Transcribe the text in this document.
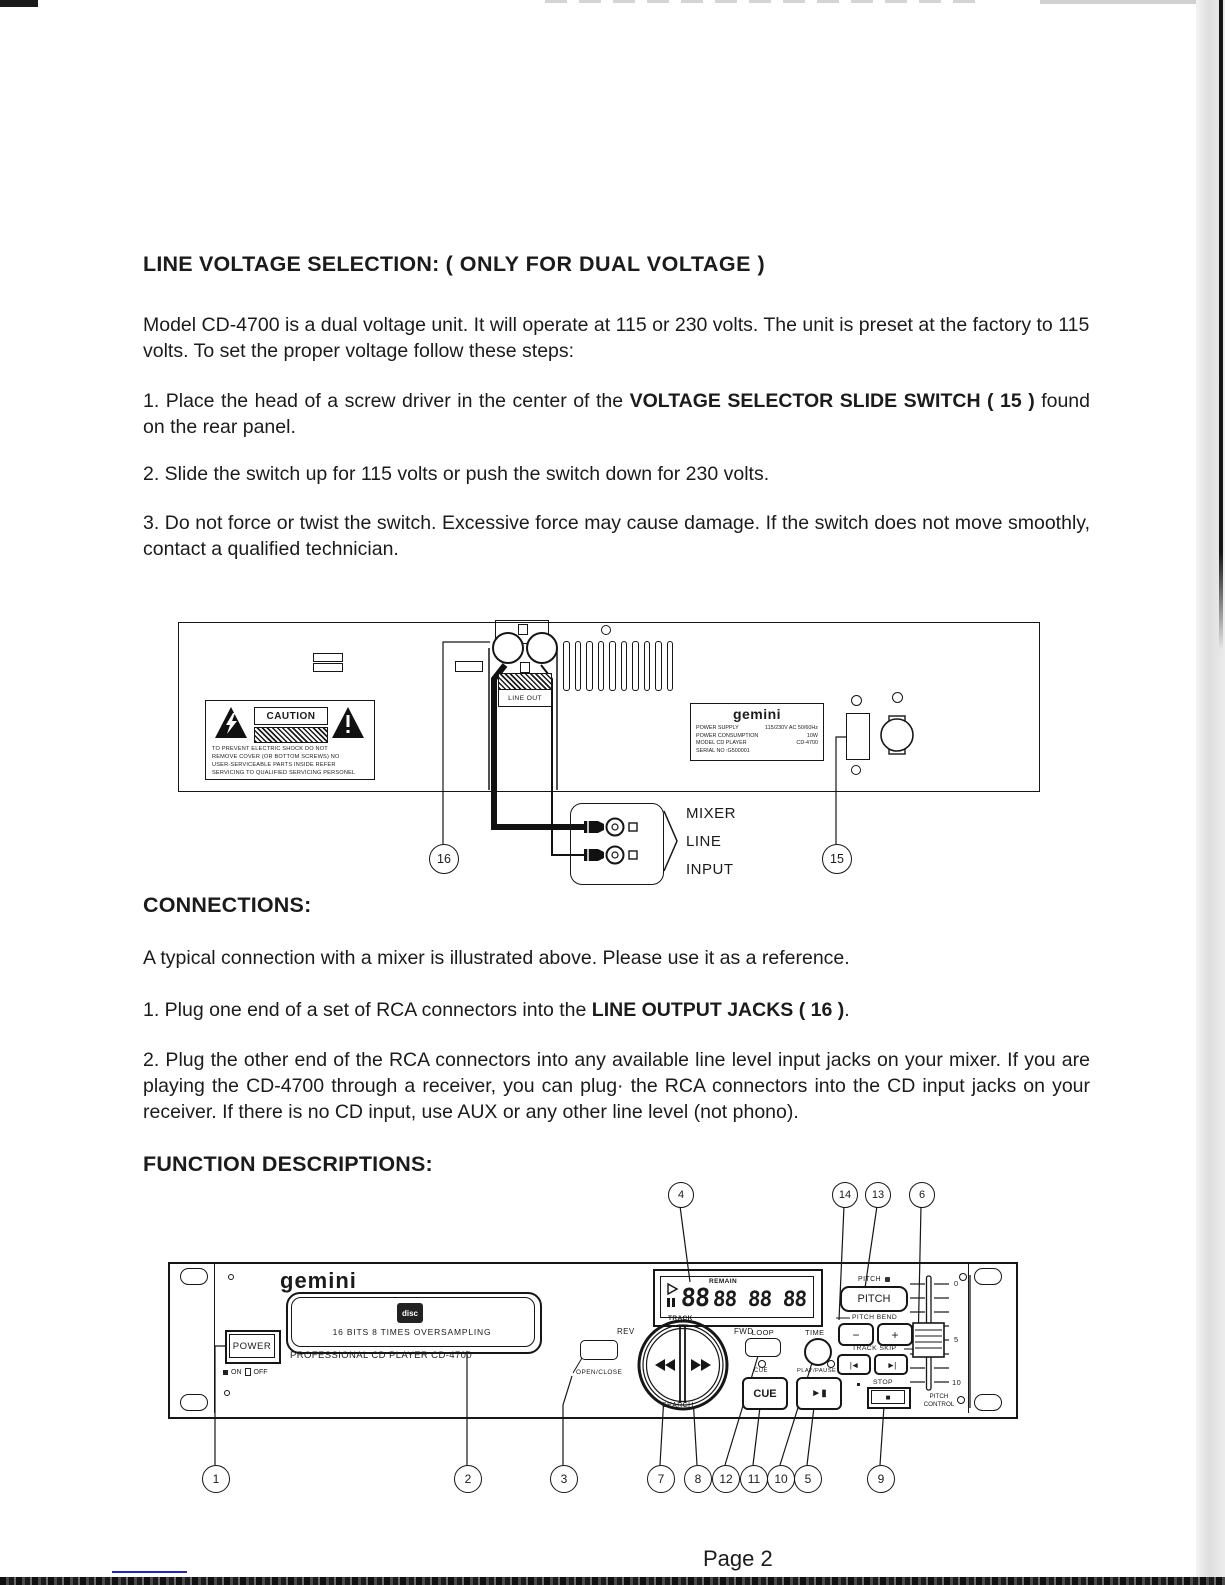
LINE VOLTAGE SELECTION: ( ONLY FOR DUAL VOLTAGE )
Model CD-4700 is a dual voltage unit. It will operate at 115 or 230 volts. The unit is preset at the factory to 115 volts. To set the proper voltage follow these steps:
1. Place the head of a screw driver in the center of the VOLTAGE SELECTOR SLIDE SWITCH ( 15 ) found on the rear panel.
2. Slide the switch up for 115 volts or push the switch down for 230 volts.
3. Do not force or twist the switch. Excessive force may cause damage. If the switch does not move smoothly, contact a qualified technician.
CAUTION
TO PREVENT ELECTRIC SHOCK DO NOT
REMOVE COVER (OR BOTTOM SCREWS) NO
USER-SERVICEABLE PARTS INSIDE REFER
SERVICING TO QUALIFIED SERVICING PERSONEL
LINE OUT
gemini
POWER SUPPLY	115/230V AC 50/60Hz
POWER CONSUMPTION	10W
MODEL CD PLAYER	CD-4700
SERIAL NO :G500001
MIXER
LINE
INPUT
16	15
CONNECTIONS:
A typical connection with a mixer is illustrated above. Please use it as a reference.
1. Plug one end of a set of RCA connectors into the LINE OUTPUT JACKS ( 16 ).
2. Plug the other end of the RCA connectors into any available line level input jacks on your mixer. If you are playing the CD-4700 through a receiver, you can plug· the RCA connectors into the CD input jacks on your receiver. If there is no CD input, use AUX or any other line level (not phono).
FUNCTION DESCRIPTIONS:
gemini
disc
16 BITS 8 TIMES OVERSAMPLING
POWER
ON OFF
PROFESSIONAL CD PLAYER CD-4700
OPEN/CLOSE
REMAIN
88 88 88 88
TRACK
REV	FWD
SEARCH
LOOP
CUE
CUE
TIME
PLAY/PAUSE
►▮
PITCH
PITCH
PITCH BEND
−	+
TRACK SKIP
|◄	►|
STOP
■
0
5
10
PITCH
CONTROL
4	14	13	6
1	2	3	7	8	12	11	10	5	9
Page 2
